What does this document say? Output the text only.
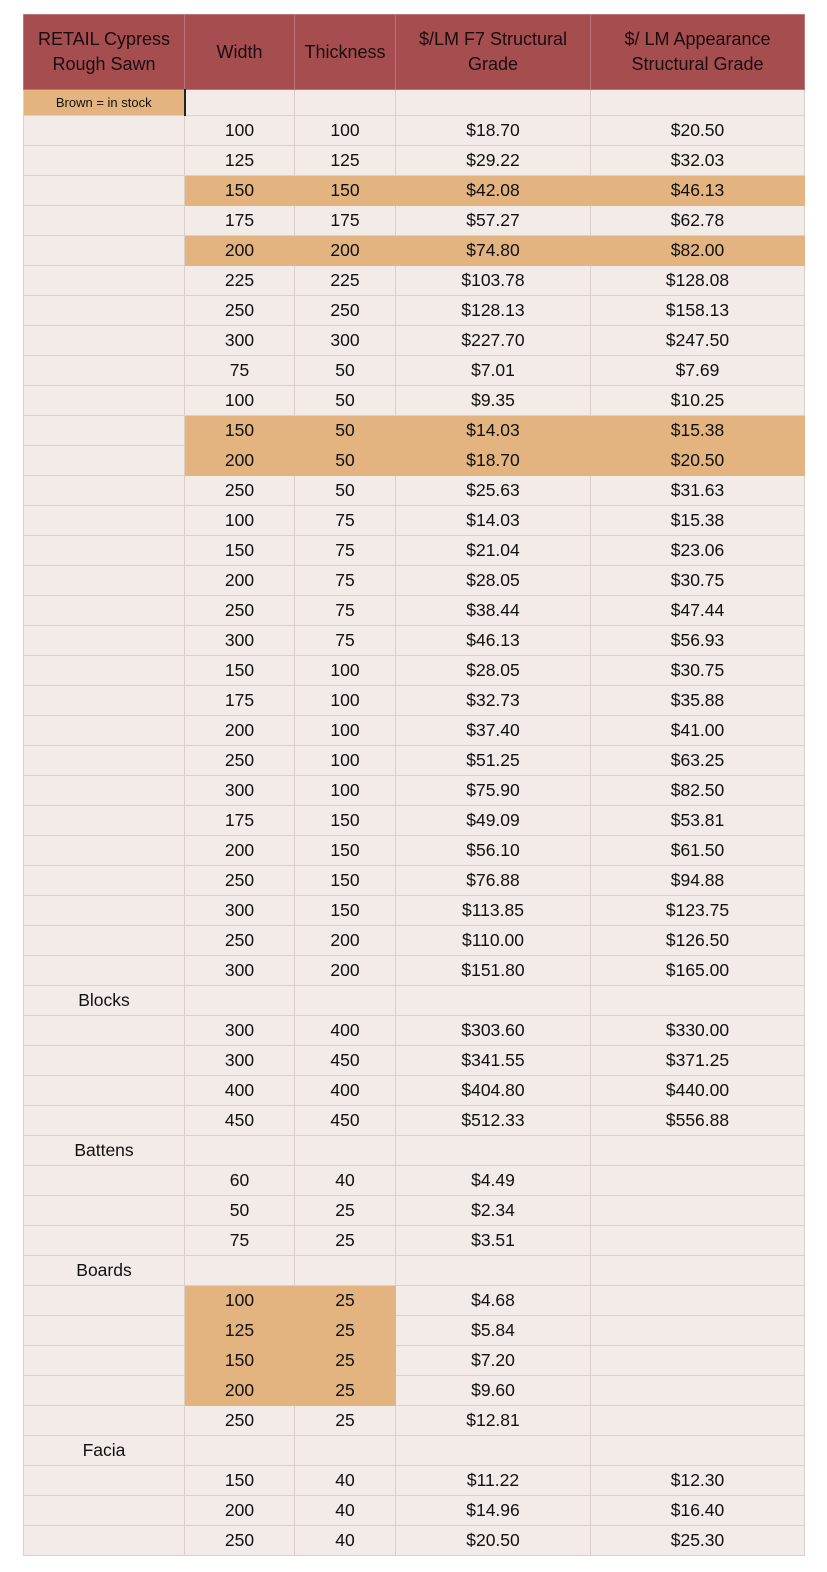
RETAIL Cypress Rough Sawn	Width	Thickness	$/LM F7 Structural Grade	$/ LM Appearance Structural Grade
Brown = in stock				
	100	100	$18.70	$20.50
	125	125	$29.22	$32.03
	150	150	$42.08	$46.13
	175	175	$57.27	$62.78
	200	200	$74.80	$82.00
	225	225	$103.78	$128.08
	250	250	$128.13	$158.13
	300	300	$227.70	$247.50
	75	50	$7.01	$7.69
	100	50	$9.35	$10.25
	150	50	$14.03	$15.38
	200	50	$18.70	$20.50
	250	50	$25.63	$31.63
	100	75	$14.03	$15.38
	150	75	$21.04	$23.06
	200	75	$28.05	$30.75
	250	75	$38.44	$47.44
	300	75	$46.13	$56.93
	150	100	$28.05	$30.75
	175	100	$32.73	$35.88
	200	100	$37.40	$41.00
	250	100	$51.25	$63.25
	300	100	$75.90	$82.50
	175	150	$49.09	$53.81
	200	150	$56.10	$61.50
	250	150	$76.88	$94.88
	300	150	$113.85	$123.75
	250	200	$110.00	$126.50
	300	200	$151.80	$165.00
Blocks				
	300	400	$303.60	$330.00
	300	450	$341.55	$371.25
	400	400	$404.80	$440.00
	450	450	$512.33	$556.88
Battens				
	60	40	$4.49	
	50	25	$2.34	
	75	25	$3.51	
Boards				
	100	25	$4.68	
	125	25	$5.84	
	150	25	$7.20	
	200	25	$9.60	
	250	25	$12.81	
Facia				
	150	40	$11.22	$12.30
	200	40	$14.96	$16.40
	250	40	$20.50	$25.30
